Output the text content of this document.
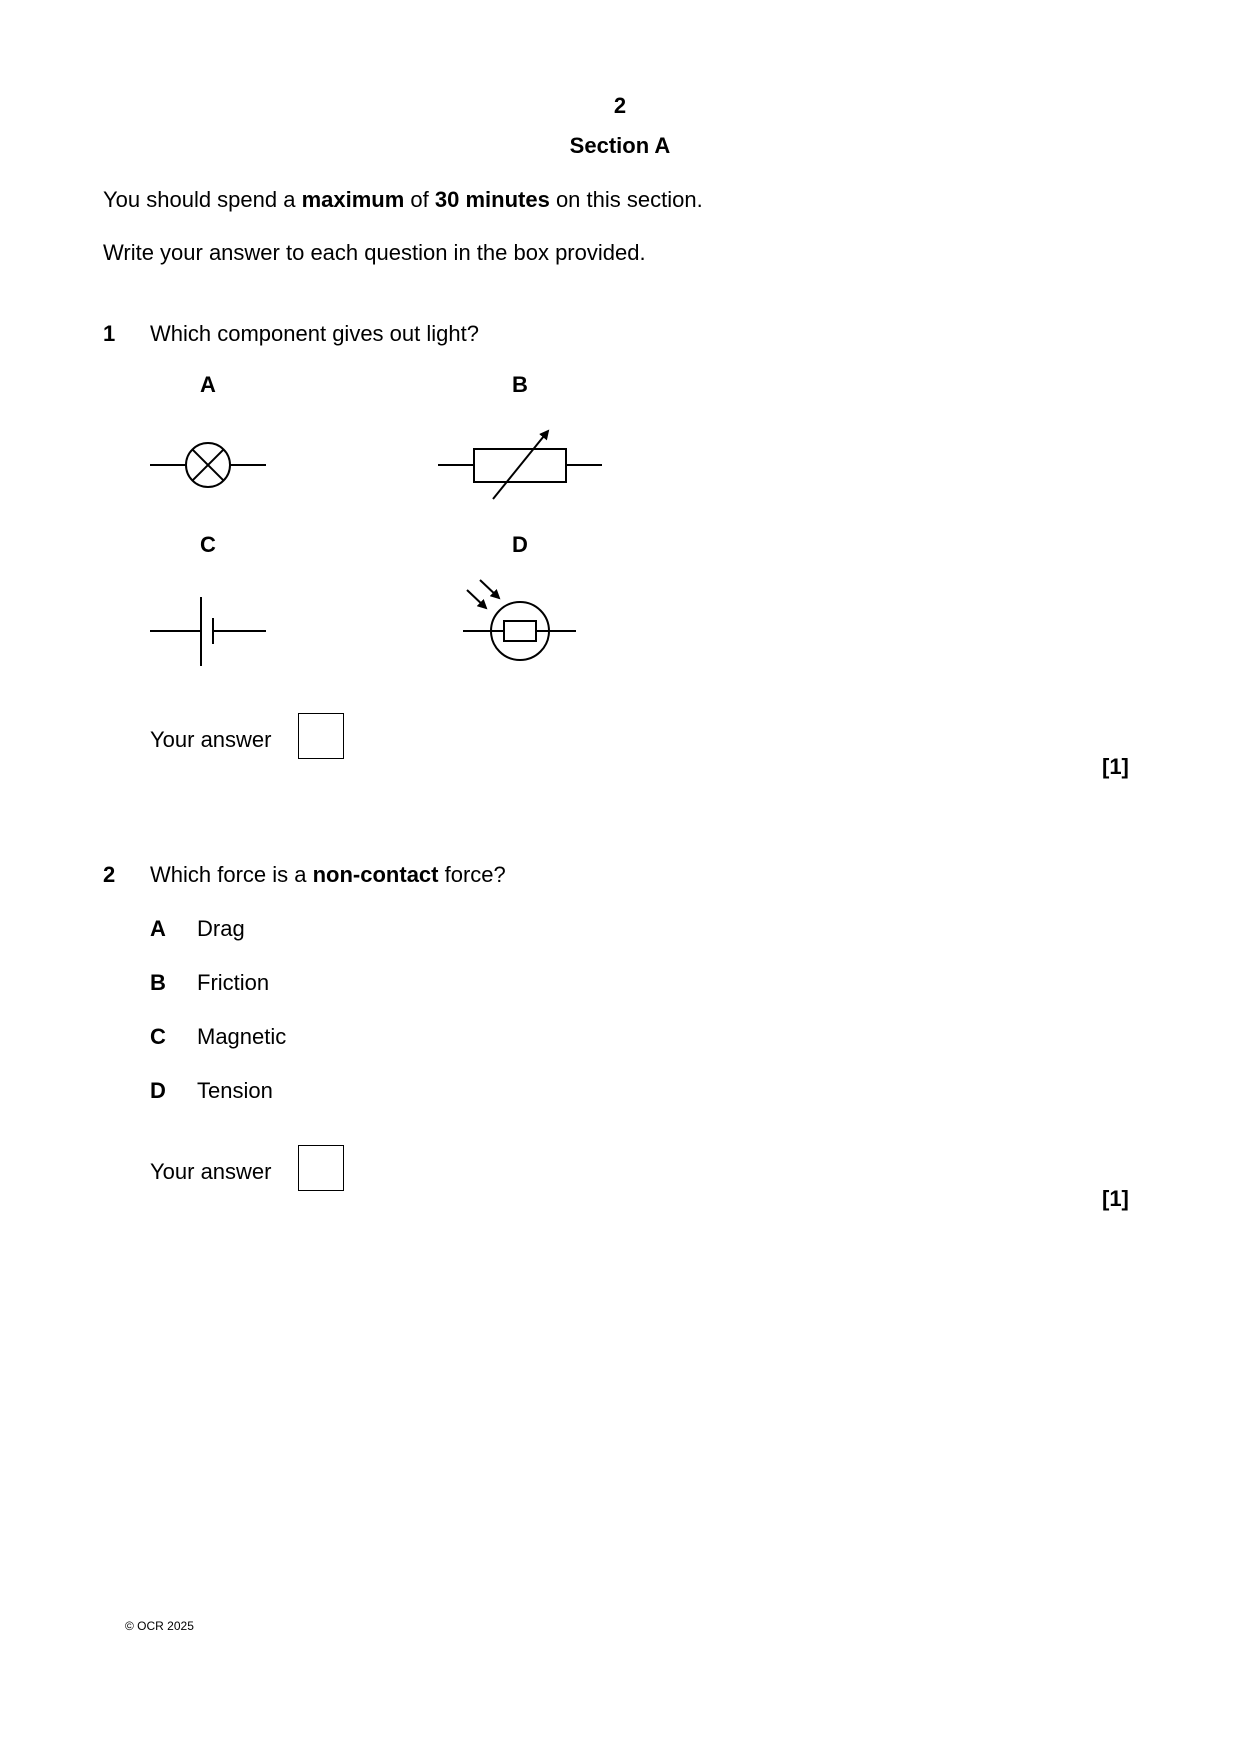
2
Section A
You should spend a maximum of 30 minutes on this section.
Write your answer to each question in the box provided.
1 Which component gives out light?
A	B
C	D
Your answer
[1]
2 Which force is a non-contact force?
A Drag
B Friction
C Magnetic
D Tension
Your answer
[1]
© OCR 2025
